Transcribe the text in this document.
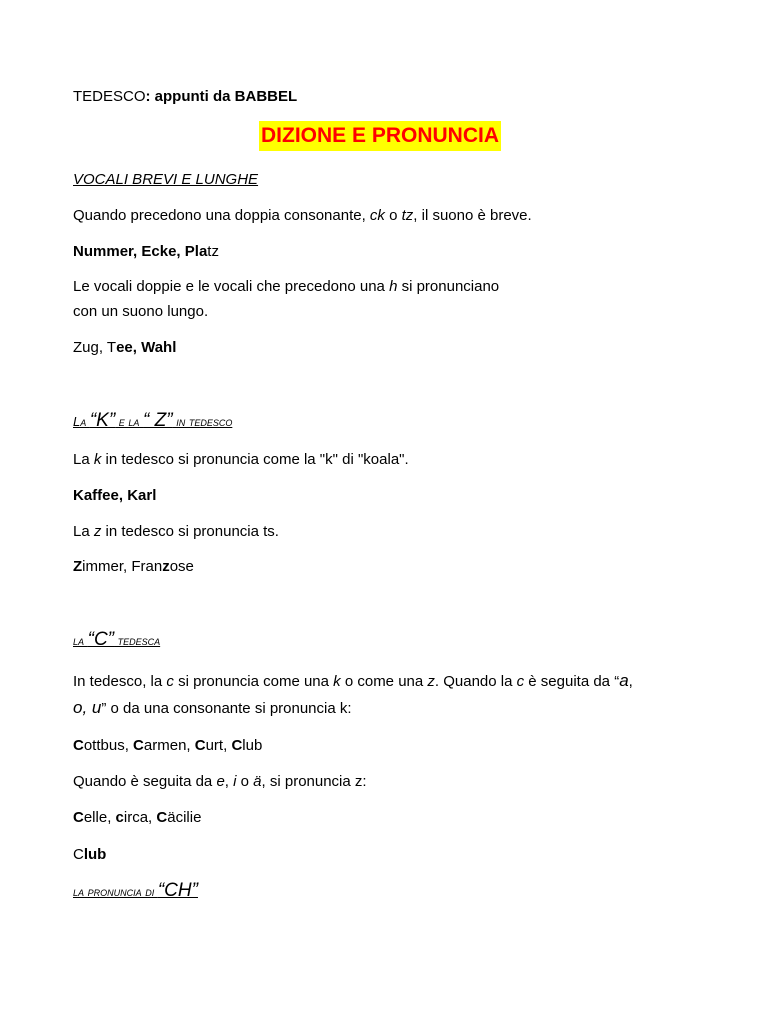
TEDESCO: appunti da BABBEL
DIZIONE E PRONUNCIA
VOCALI BREVI E LUNGHE
Quando precedono una doppia consonante, ck o tz, il suono è breve.
Nummer, Ecke, Platz
Le vocali doppie e le vocali che precedono una h si pronunciano
con un suono lungo.
Zug, Tee, Wahl
La “K” e la “ Z” in tedesco
La k in tedesco si pronuncia come la "k" di "koala".
Kaffee, Karl
La z in tedesco si pronuncia ts.
Zimmer, Franzose
la “C” tedesca
In tedesco, la c si pronuncia come una k o come una z. Quando la c è seguita da “a,
o, u” o da una consonante si pronuncia k:
Cottbus, Carmen, Curt, Club
Quando è seguita da e, i o ä, si pronuncia z:
Celle, circa, Cäcilie
Club
la pronuncia di “CH”
